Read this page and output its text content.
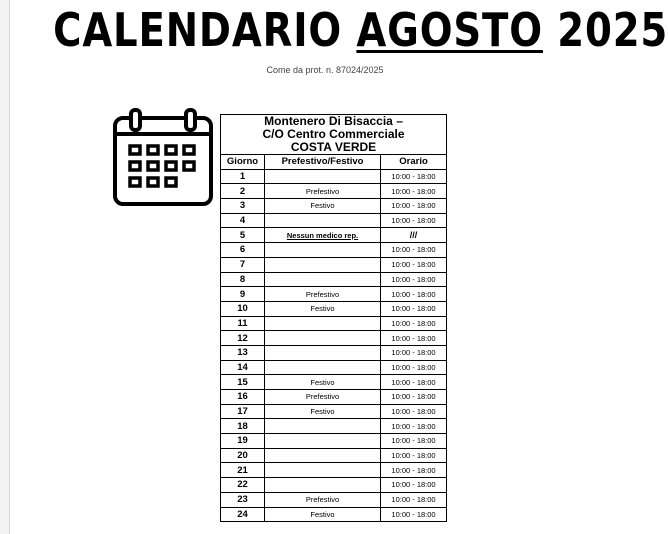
CALENDARIO AGOSTO 2025
Come da prot. n. 87024/2025
Montenero Di Bisaccia –
C/O Centro Commerciale
COSTA VERDE		

Giorno	Prefestivo/Festivo	Orario
1		10:00 - 18:00
2	Prefestivo	10:00 - 18:00
3	Festivo	10:00 - 18:00
4		10:00 - 18:00
5	Nessun medico rep.	///
6		10:00 - 18:00
7		10:00 - 18:00
8		10:00 - 18:00
9	Prefestivo	10:00 - 18:00
10	Festivo	10:00 - 18:00
11		10:00 - 18:00
12		10:00 - 18:00
13		10:00 - 18:00
14		10:00 - 18:00
15	Festivo	10:00 - 18:00
16	Prefestivo	10:00 - 18:00
17	Festivo	10:00 - 18:00
18		10:00 - 18:00
19		10:00 - 18:00
20		10:00 - 18:00
21		10:00 - 18:00
22		10:00 - 18:00
23	Prefestivo	10:00 - 18:00
24	Festivo	10:00 - 18:00
